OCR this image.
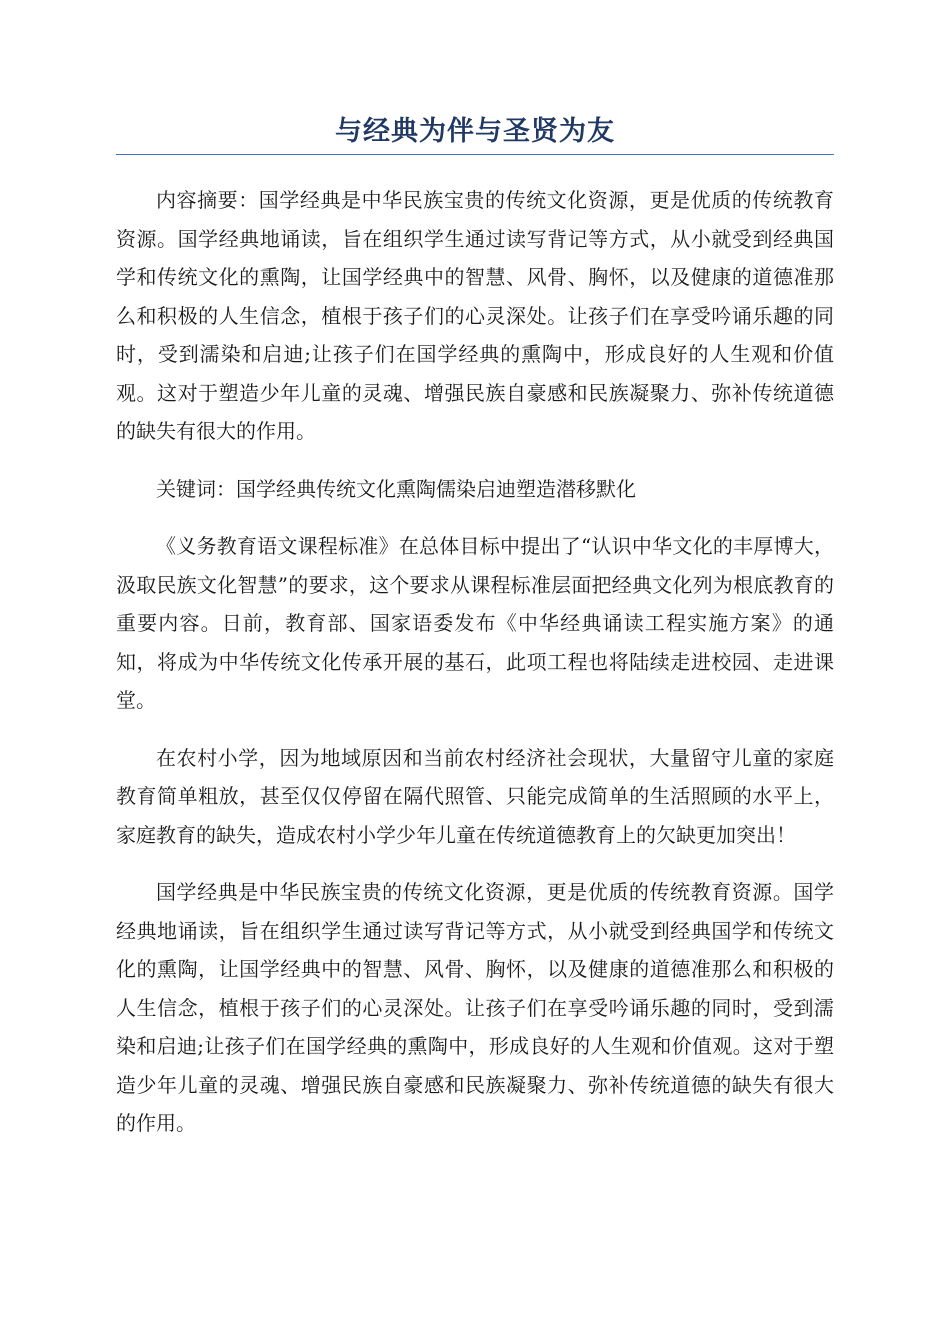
与经典为伴与圣贤为友

内容摘要：国学经典是中华民族宝贵的传统文化资源，更是优质的传统教育资源。国学经典地诵读，旨在组织学生通过读写背记等方式，从小就受到经典国学和传统文化的熏陶，让国学经典中的智慧、风骨、胸怀，以及健康的道德准那么和积极的人生信念，植根于孩子们的心灵深处。让孩子们在享受吟诵乐趣的同时，受到濡染和启迪;让孩子们在国学经典的熏陶中，形成良好的人生观和价值观。这对于塑造少年儿童的灵魂、增强民族自豪感和民族凝聚力、弥补传统道德的缺失有很大的作用。

关键词：国学经典传统文化熏陶儒染启迪塑造潜移默化

《义务教育语文课程标准》在总体目标中提出了“认识中华文化的丰厚博大，汲取民族文化智慧”的要求，这个要求从课程标准层面把经典文化列为根底教育的重要内容。日前，教育部、国家语委发布《中华经典诵读工程实施方案》的通知，将成为中华传统文化传承开展的基石，此项工程也将陆续走进校园、走进课堂。

在农村小学，因为地域原因和当前农村经济社会现状，大量留守儿童的家庭教育简单粗放，甚至仅仅停留在隔代照管、只能完成简单的生活照顾的水平上，家庭教育的缺失，造成农村小学少年儿童在传统道德教育上的欠缺更加突出！

国学经典是中华民族宝贵的传统文化资源，更是优质的传统教育资源。国学经典地诵读，旨在组织学生通过读写背记等方式，从小就受到经典国学和传统文化的熏陶，让国学经典中的智慧、风骨、胸怀，以及健康的道德准那么和积极的人生信念，植根于孩子们的心灵深处。让孩子们在享受吟诵乐趣的同时，受到濡染和启迪;让孩子们在国学经典的熏陶中，形成良好的人生观和价值观。这对于塑造少年儿童的灵魂、增强民族自豪感和民族凝聚力、弥补传统道德的缺失有很大的作用。
